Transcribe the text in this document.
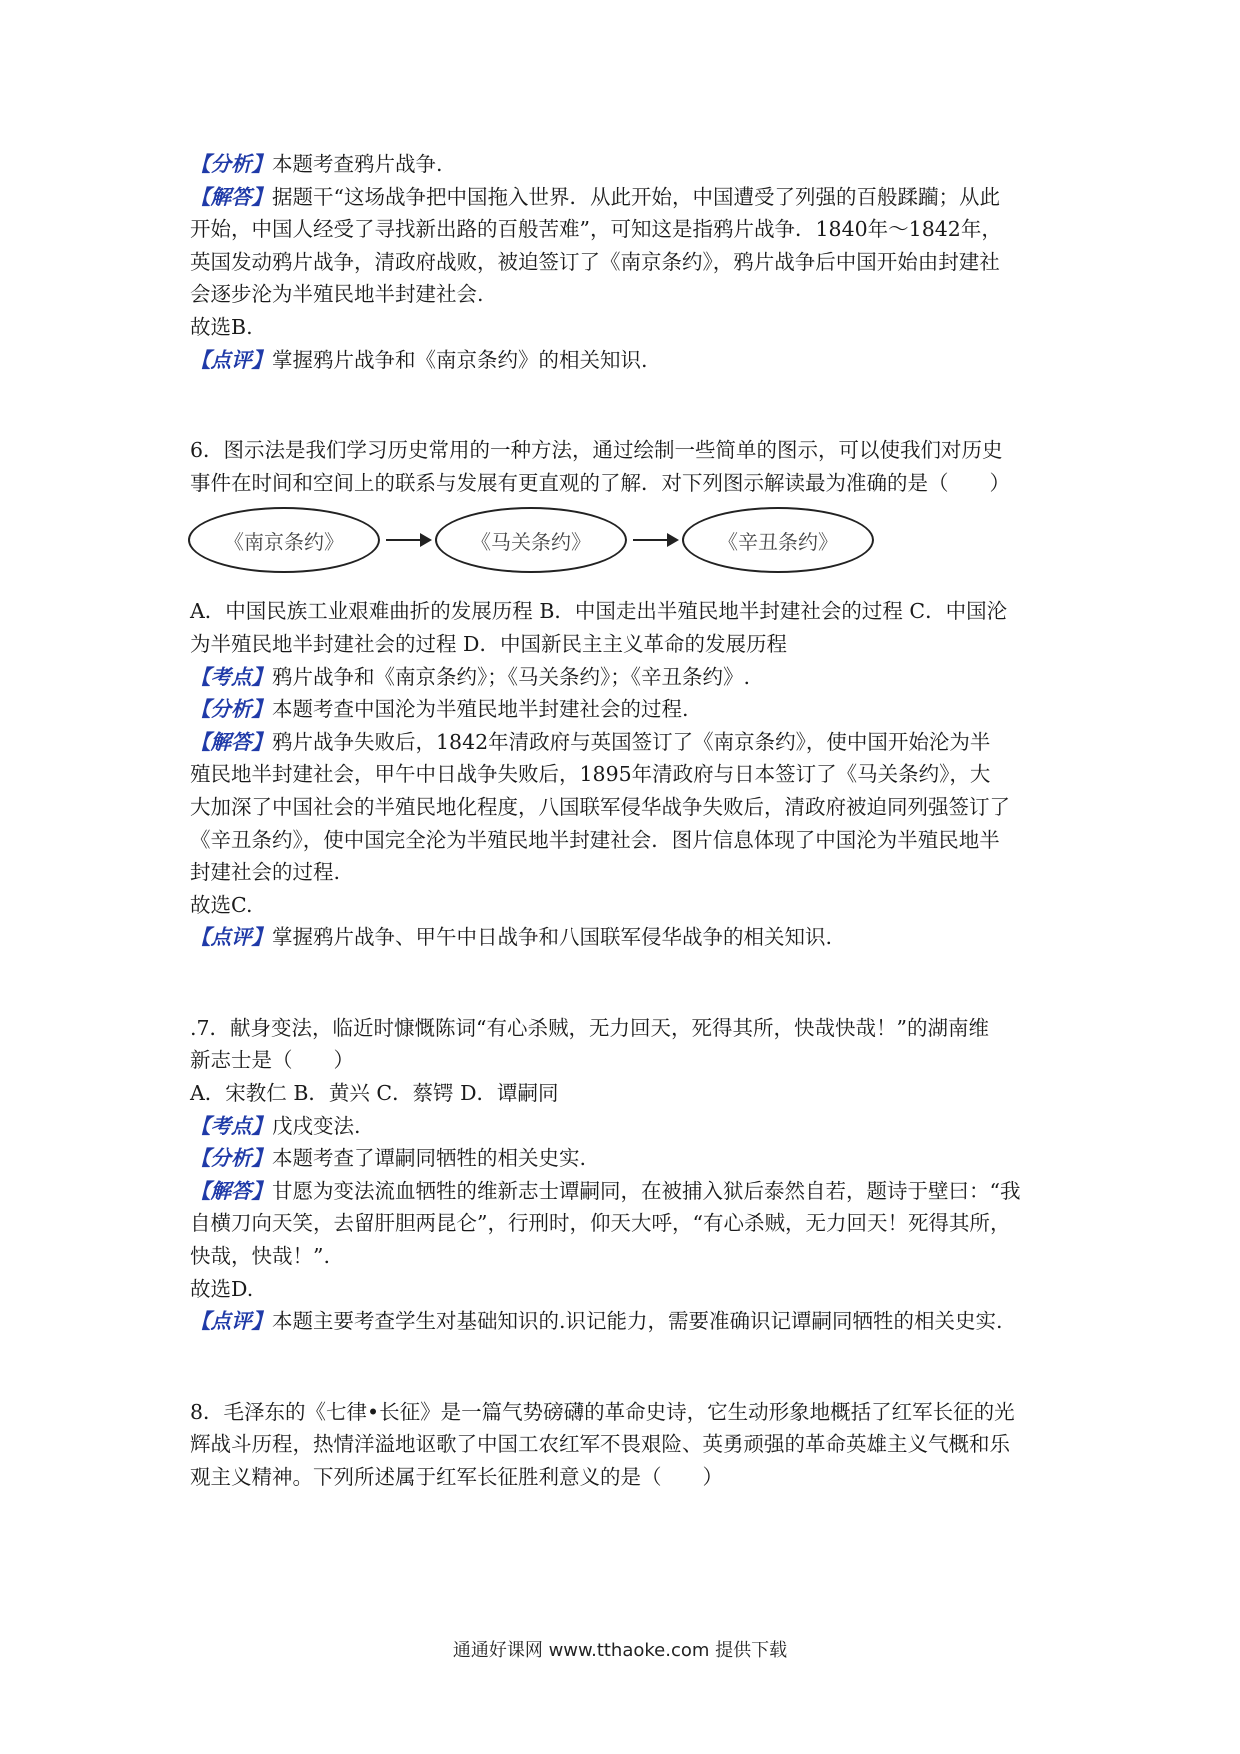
【分析】本题考查鸦片战争.
【解答】据题干“这场战争把中国拖入世界．从此开始，中国遭受了列强的百般蹂躏；从此
开始，中国人经受了寻找新出路的百般苦难”，可知这是指鸦片战争．1840年～1842年，
英国发动鸦片战争，清政府战败，被迫签订了《南京条约》，鸦片战争后中国开始由封建社
会逐步沦为半殖民地半封建社会.
故选B.
【点评】掌握鸦片战争和《南京条约》的相关知识.
6．图示法是我们学习历史常用的一种方法，通过绘制一些简单的图示，可以使我们对历史
事件在时间和空间上的联系与发展有更直观的了解．对下列图示解读最为准确的是（　　）
《南京条约》	《马关条约》	《辛丑条约》
A．中国民族工业艰难曲折的发展历程 B．中国走出半殖民地半封建社会的过程 C．中国沦
为半殖民地半封建社会的过程 D．中国新民主主义革命的发展历程
【考点】鸦片战争和《南京条约》；《马关条约》；《辛丑条约》.
【分析】本题考查中国沦为半殖民地半封建社会的过程.
【解答】鸦片战争失败后，1842年清政府与英国签订了《南京条约》，使中国开始沦为半
殖民地半封建社会，甲午中日战争失败后，1895年清政府与日本签订了《马关条约》，大
大加深了中国社会的半殖民地化程度，八国联军侵华战争失败后，清政府被迫同列强签订了
《辛丑条约》，使中国完全沦为半殖民地半封建社会．图片信息体现了中国沦为半殖民地半
封建社会的过程.
故选C.
【点评】掌握鸦片战争、甲午中日战争和八国联军侵华战争的相关知识.
.7．献身变法，临近时慷慨陈词“有心杀贼，无力回天，死得其所，快哉快哉！”的湖南维
新志士是（　　）
A．宋教仁 B．黄兴 C．蔡锷 D．谭嗣同
【考点】戊戌变法.
【分析】本题考查了谭嗣同牺牲的相关史实.
【解答】甘愿为变法流血牺牲的维新志士谭嗣同，在被捕入狱后泰然自若，题诗于壁曰：“我
自横刀向天笑，去留肝胆两昆仑”，行刑时，仰天大呼，“有心杀贼，无力回天！死得其所，
快哉，快哉！”.
故选D.
【点评】本题主要考查学生对基础知识的.识记能力，需要准确识记谭嗣同牺牲的相关史实.
8．毛泽东的《七律•长征》是一篇气势磅礴的革命史诗，它生动形象地概括了红军长征的光
辉战斗历程，热情洋溢地讴歌了中国工农红军不畏艰险、英勇顽强的革命英雄主义气概和乐
观主义精神。下列所述属于红军长征胜利意义的是（　　）
通通好课网 www.tthaoke.com 提供下载
